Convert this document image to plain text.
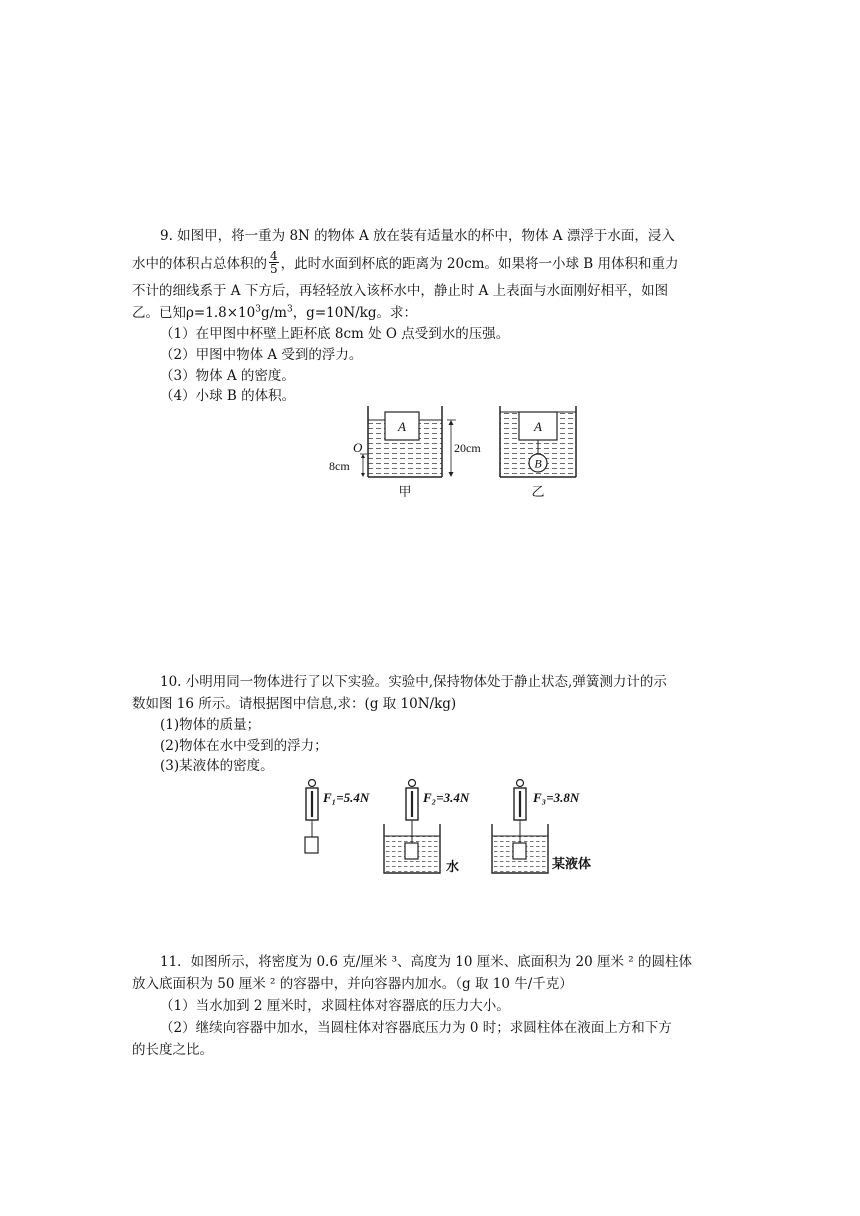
9. 如图甲，将一重为 8N 的物体 A 放在装有适量水的杯中，物体 A 漂浮于水面，浸入
水中的体积占总体积的 $\frac{4}{5}$ ，此时水面到杯底的距离为 20cm。如果将一小球 B 用体积和重力
不计的细线系于 A 下方后，再轻轻放入该杯水中，静止时 A 上表面与水面刚好相平，如图
乙。已知$\rho=1.8\times 10^3g/m^3$，g=10N/kg。求：
（1）在甲图中杯壁上距杯底 8cm 处 O 点受到水的压强。
（2）甲图中物体 A 受到的浮力。
（3）物体 A 的密度。
（4）小球 B 的体积。
A
20cm
O
8cm
甲
A
B
乙
10. 小明用同一物体进行了以下实验。实验中,保持物体处于静止状态,弹簧测力计的示
数如图 16 所示。请根据图中信息,求：(g 取 10N/kg)
(1)物体的质量；
(2)物体在水中受到的浮力；
(3)某液体的密度。
F₁=5.4N	F₂=3.4N
水
F₃=3.8N
某液体
11．如图所示，将密度为 0.6 克/厘米 ³、高度为 10 厘米、底面积为 20 厘米 ² 的圆柱体
放入底面积为 50 厘米 ² 的容器中，并向容器内加水。（g 取 10 牛/千克）
（1）当水加到 2 厘米时，求圆柱体对容器底的压力大小。
（2）继续向容器中加水，当圆柱体对容器底压力为 0 时；求圆柱体在液面上方和下方
的长度之比。
